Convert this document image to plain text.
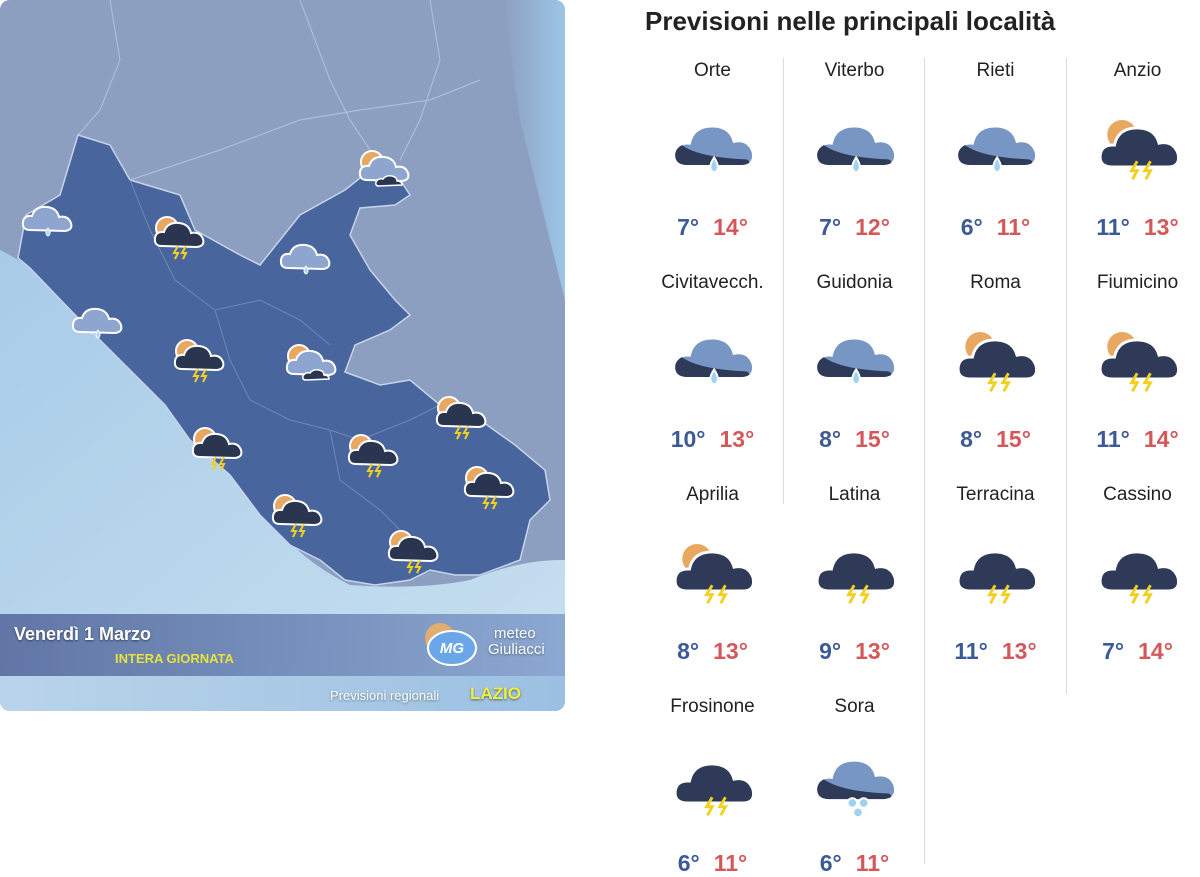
Venerdì 1 Marzo
INTERA GIORNATA
Previsioni regionali LAZIO
MG
meteo
Giuliacci
Previsioni nelle principali località
Orte
7° 14°
Viterbo
7° 12°
Rieti
6° 11°
Anzio
11° 13°
Civitavecch.
10° 13°
Guidonia
8° 15°
Roma
8° 15°
Fiumicino
11° 14°
Aprilia
8° 13°
Latina
9° 13°
Terracina
11° 13°
Cassino
7° 14°
Frosinone
6° 11°
Sora
6° 11°
